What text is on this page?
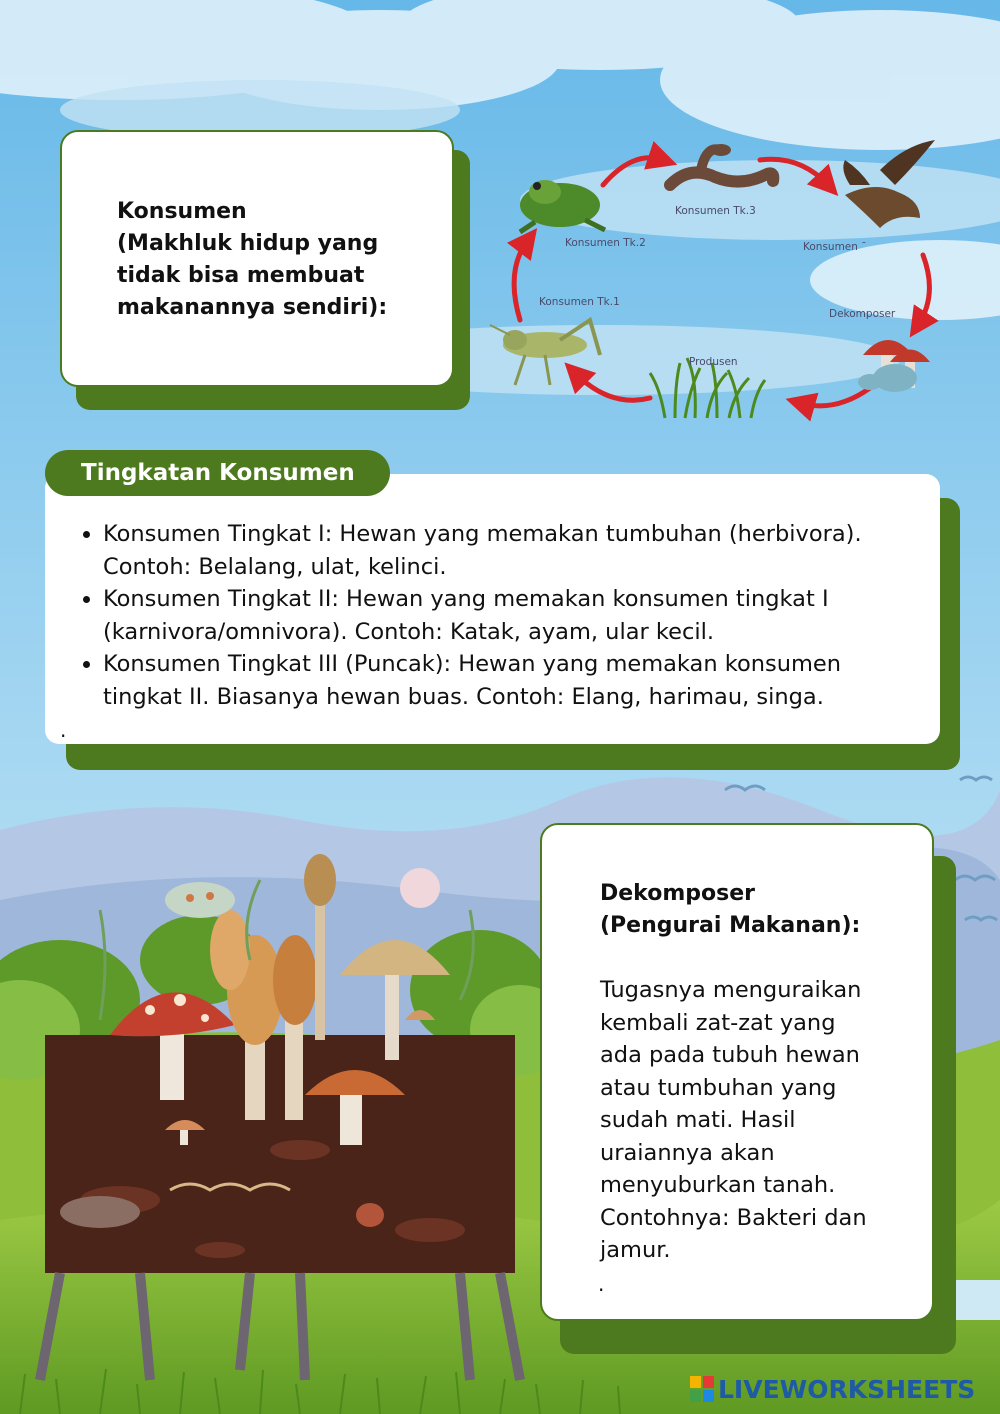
Konsumen
(Makhluk hidup yang
tidak bisa membuat
makanannya sendiri):
Konsumen Tk.3
Konsumen Tk.2	Konsumen ¯
Konsumen Tk.1
Dekomposer
Produsen
Tingkatan Konsumen
• Konsumen Tingkat I: Hewan yang memakan tumbuhan (herbivora).
Contoh: Belalang, ulat, kelinci.
• Konsumen Tingkat II: Hewan yang memakan konsumen tingkat I
(karnivora/omnivora). Contoh: Katak, ayam, ular kecil.
• Konsumen Tingkat III (Puncak): Hewan yang memakan konsumen
tingkat II. Biasanya hewan buas. Contoh: Elang, harimau, singa.
.
Dekomposer
(Pengurai Makanan):
Tugasnya menguraikan
kembali zat-zat yang
ada pada tubuh hewan
atau tumbuhan yang
sudah mati. Hasil
uraiannya akan
menyuburkan tanah.
Contohnya: Bakteri dan
jamur.
.
LIVEWORKSHEETS
